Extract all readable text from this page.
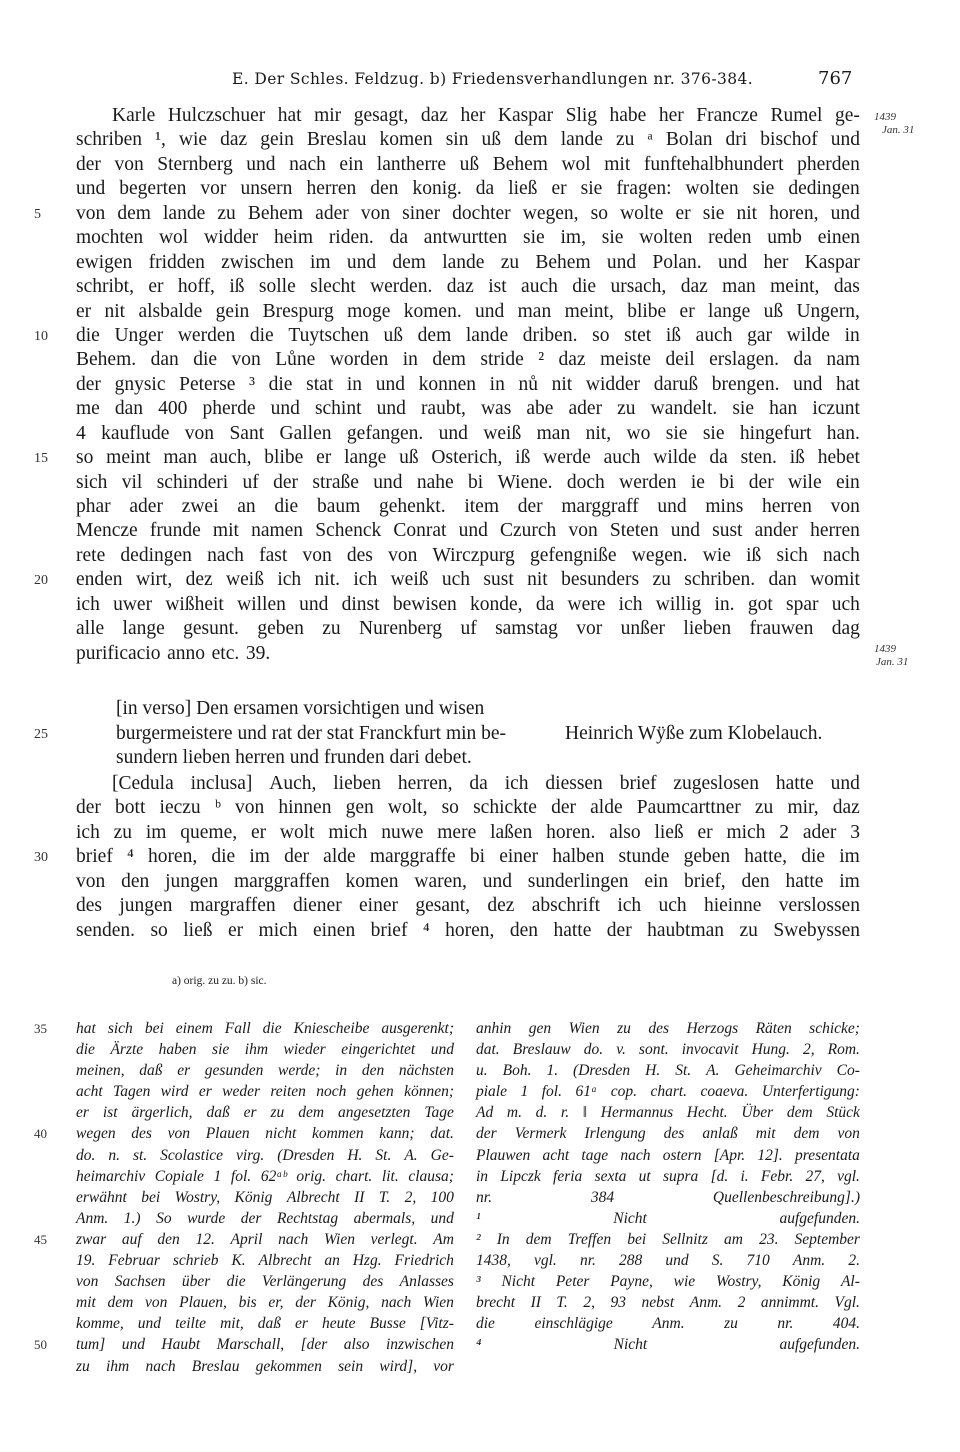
E. Der Schles. Feldzug. b) Friedensverhandlungen nr. 376-384.	767
1439
Jan. 31
1439
Jan. 31
Karle Hulczschuer hat mir gesagt, daz her Kaspar Slig habe her Francze Rumel ge-
schriben ¹, wie daz gein Breslau komen sin uß dem lande zu ᵃ Bolan dri bischof und
der von Sternberg und nach ein lantherre uß Behem wol mit funftehalbhundert pherden
und begerten vor unsern herren den konig. da ließ er sie fragen: wolten sie dedingen
5 von dem lande zu Behem ader von siner dochter wegen, so wolte er sie nit horen, und
mochten wol widder heim riden. da antwurtten sie im, sie wolten reden umb einen
ewigen fridden zwischen im und dem lande zu Behem und Polan. und her Kaspar
schribt, er hoff, iß solle slecht werden. daz ist auch die ursach, daz man meint, das
er nit alsbalde gein Brespurg moge komen. und man meint, blibe er lange uß Ungern,
10 die Unger werden die Tuytschen uß dem lande driben. so stet iß auch gar wilde in
Behem. dan die von Lůne worden in dem stride ² daz meiste deil erslagen. da nam
der gnysic Peterse ³ die stat in und konnen in nů nit widder daruß brengen. und hat
me dan 400 pherde und schint und raubt, was abe ader zu wandelt. sie han iczunt
4 kauflude von Sant Gallen gefangen. und weiß man nit, wo sie sie hingefurt han.
15 so meint man auch, blibe er lange uß Osterich, iß werde auch wilde da sten. iß hebet
sich vil schinderi uf der straße und nahe bi Wiene. doch werden ie bi der wile ein
phar ader zwei an die baum gehenkt. item der marggraff und mins herren von
Mencze frunde mit namen Schenck Conrat und Czurch von Steten und sust ander herren
rete dedingen nach fast von des von Wirczpurg gefengniße wegen. wie iß sich nach
20 enden wirt, dez weiß ich nit. ich weiß uch sust nit besunders zu schriben. dan womit
ich uwer wißheit willen und dinst bewisen konde, da were ich willig in. got spar uch
alle lange gesunt. geben zu Nurenberg uf samstag vor unßer lieben frauwen dag
purificacio anno etc. 39.
[in verso] Den ersamen vorsichtigen und wisen
25	burgermeistere und rat der stat Franckfurt min be-
sundern lieben herren und frunden dari debet.
Heinrich Wÿße zum Klobelauch.
[Cedula inclusa] Auch, lieben herren, da ich diessen brief zugeslosen hatte und
der bott ieczu ᵇ von hinnen gen wolt, so schickte der alde Paumcarttner zu mir, daz
ich zu im queme, er wolt mich nuwe mere laßen horen. also ließ er mich 2 ader 3
30 brief ⁴ horen, die im der alde marggraffe bi einer halben stunde geben hatte, die im
von den jungen marggraffen komen waren, und sunderlingen ein brief, den hatte im
des jungen margraffen diener einer gesant, dez abschrift ich uch hieinne verslossen
senden. so ließ er mich einen brief ⁴ horen, den hatte der haubtman zu Swebyssen
a) orig. zu zu. b) sic.
35 hat sich bei einem Fall die Kniescheibe ausgerenkt;
die Ärzte haben sie ihm wieder eingerichtet und
meinen, daß er gesunden werde; in den nächsten
acht Tagen wird er weder reiten noch gehen können;
er ist ärgerlich, daß er zu dem angesetzten Tage
40 wegen des von Plauen nicht kommen kann; dat.
do. n. st. Scolastice virg. (Dresden H. St. A. Ge-
heimarchiv Copiale 1 fol. 62ᵃᵇ orig. chart. lit. clausa;
erwähnt bei Wostry, König Albrecht II T. 2, 100
Anm. 1.) So wurde der Rechtstag abermals, und
45 zwar auf den 12. April nach Wien verlegt. Am
19. Februar schrieb K. Albrecht an Hzg. Friedrich
von Sachsen über die Verlängerung des Anlasses
mit dem von Plauen, bis er, der König, nach Wien
komme, und teilte mit, daß er heute Busse [Vitz-
50 tum] und Haubt Marschall, [der also inzwischen
zu ihm nach Breslau gekommen sein wird], vor
anhin gen Wien zu des Herzogs Räten schicke;
dat. Breslauw do. v. sont. invocavit Hung. 2, Rom.
u. Boh. 1. (Dresden H. St. A. Geheimarchiv Co-
piale 1 fol. 61ᵃ cop. chart. coaeva. Unterfertigung:
Ad m. d. r. ‖ Hermannus Hecht. Über dem Stück
der Vermerk Irlengung des anlaß mit dem von
Plauwen acht tage nach ostern [Apr. 12]. presentata
in Lipczk feria sexta ut supra [d. i. Febr. 27, vgl.
nr.	384	Quellenbeschreibung].)
¹	Nicht	aufgefunden.
² In dem Treffen bei Sellnitz am 23. September
1438, vgl. nr. 288 und S. 710 Anm. 2.
³ Nicht Peter Payne, wie Wostry, König Al-
brecht II T. 2, 93 nebst Anm. 2 annimmt. Vgl.
die	einschlägige	Anm.	zu	nr.	404.
⁴	Nicht	aufgefunden.
